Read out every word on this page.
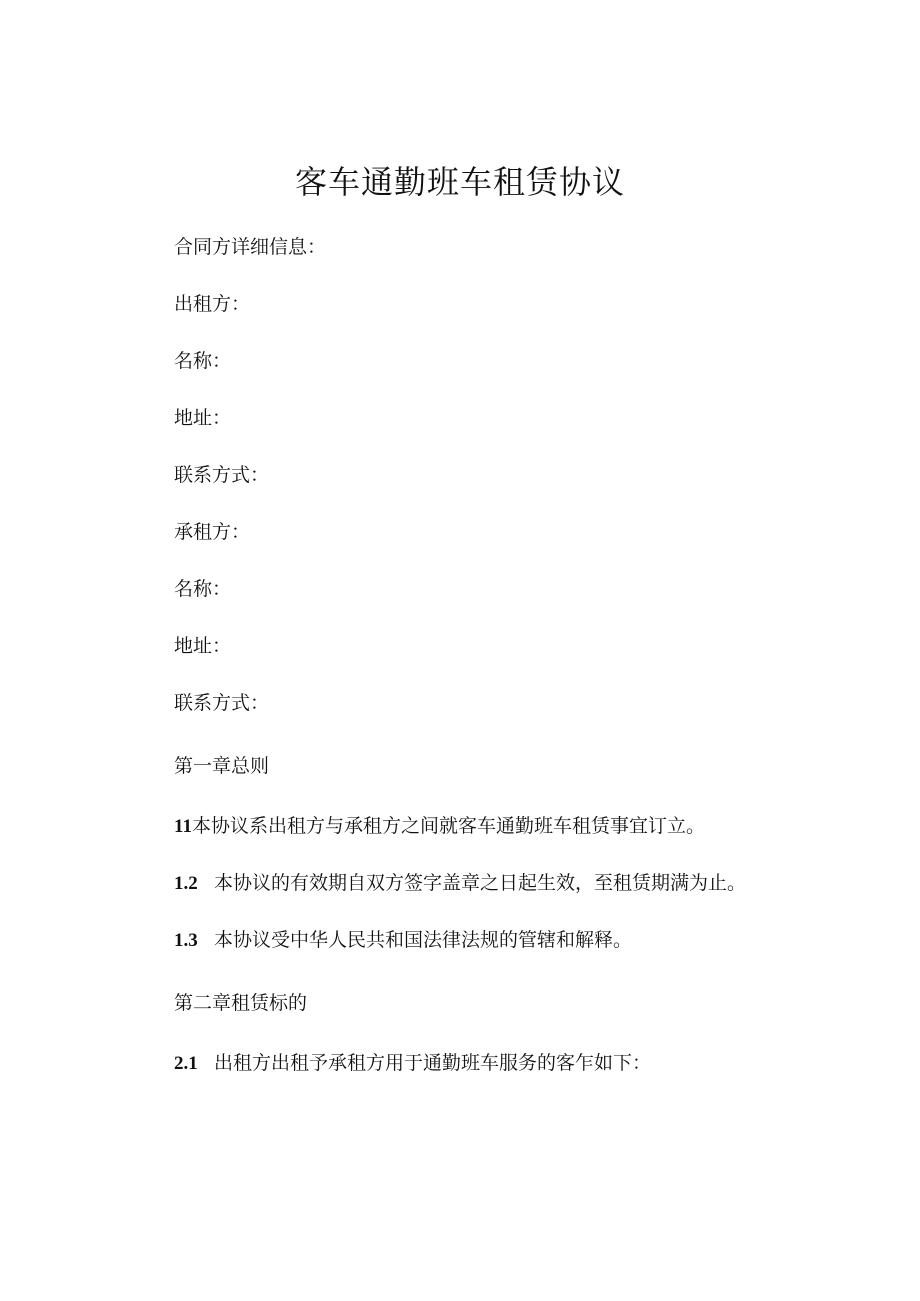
客车通勤班车租赁协议
合同方详细信息：
出租方：
名称：
地址：
联系方式：
承租方：
名称：
地址：
联系方式：
第一章总则
11本协议系出租方与承租方之间就客车通勤班车租赁事宜订立。
1.2 本协议的有效期自双方签字盖章之日起生效，至租赁期满为止。
1.3 本协议受中华人民共和国法律法规的管辖和解释。
第二章租赁标的
2.1 出租方出租予承租方用于通勤班车服务的客乍如下：
